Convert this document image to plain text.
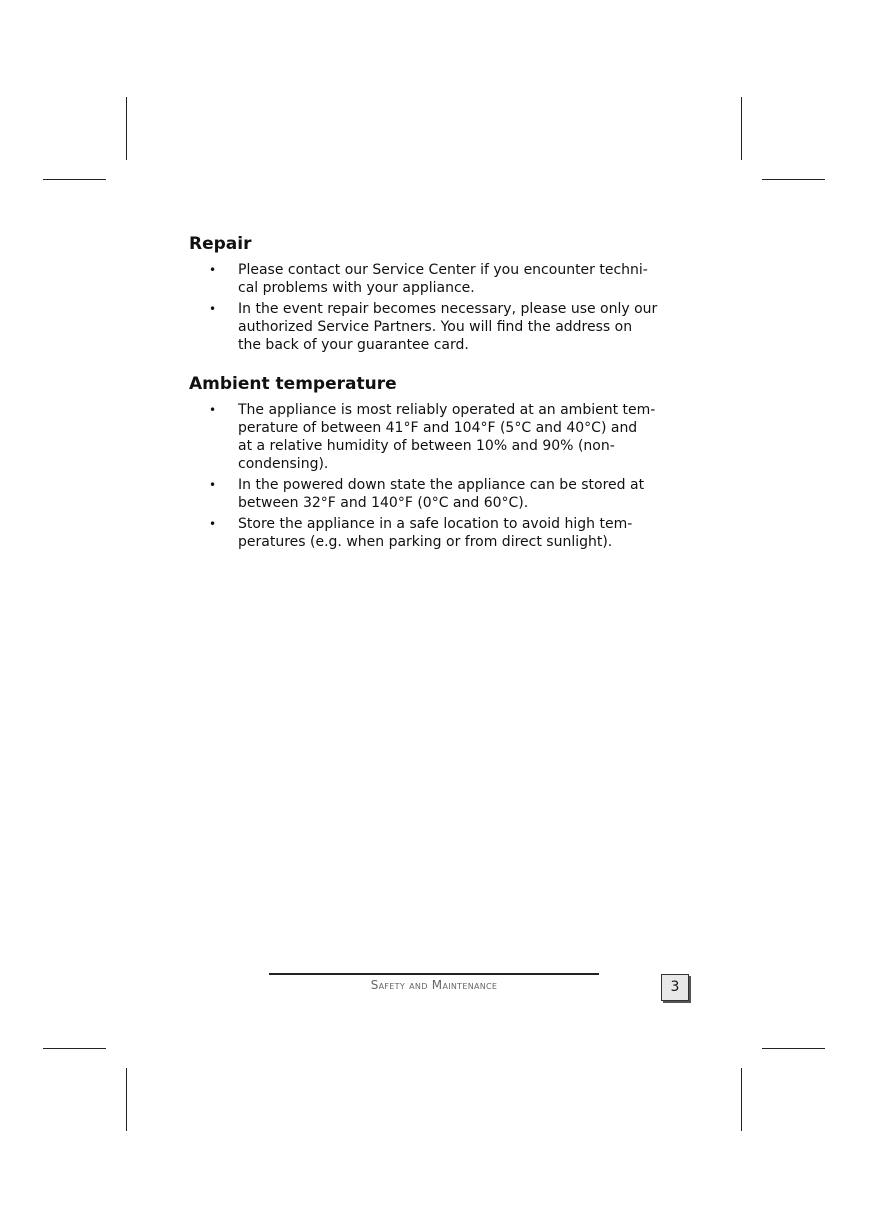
Repair
• Please contact our Service Center if you encounter techni-
cal problems with your appliance.
• In the event repair becomes necessary, please use only our
authorized Service Partners. You will find the address on
the back of your guarantee card.
Ambient temperature
• The appliance is most reliably operated at an ambient tem-
perature of between 41°F and 104°F (5°C and 40°C) and
at a relative humidity of between 10% and 90% (non-
condensing).
• In the powered down state the appliance can be stored at
between 32°F and 140°F (0°C and 60°C).
• Store the appliance in a safe location to avoid high tem-
peratures (e.g. when parking or from direct sunlight).
Safety and Maintenance	3
